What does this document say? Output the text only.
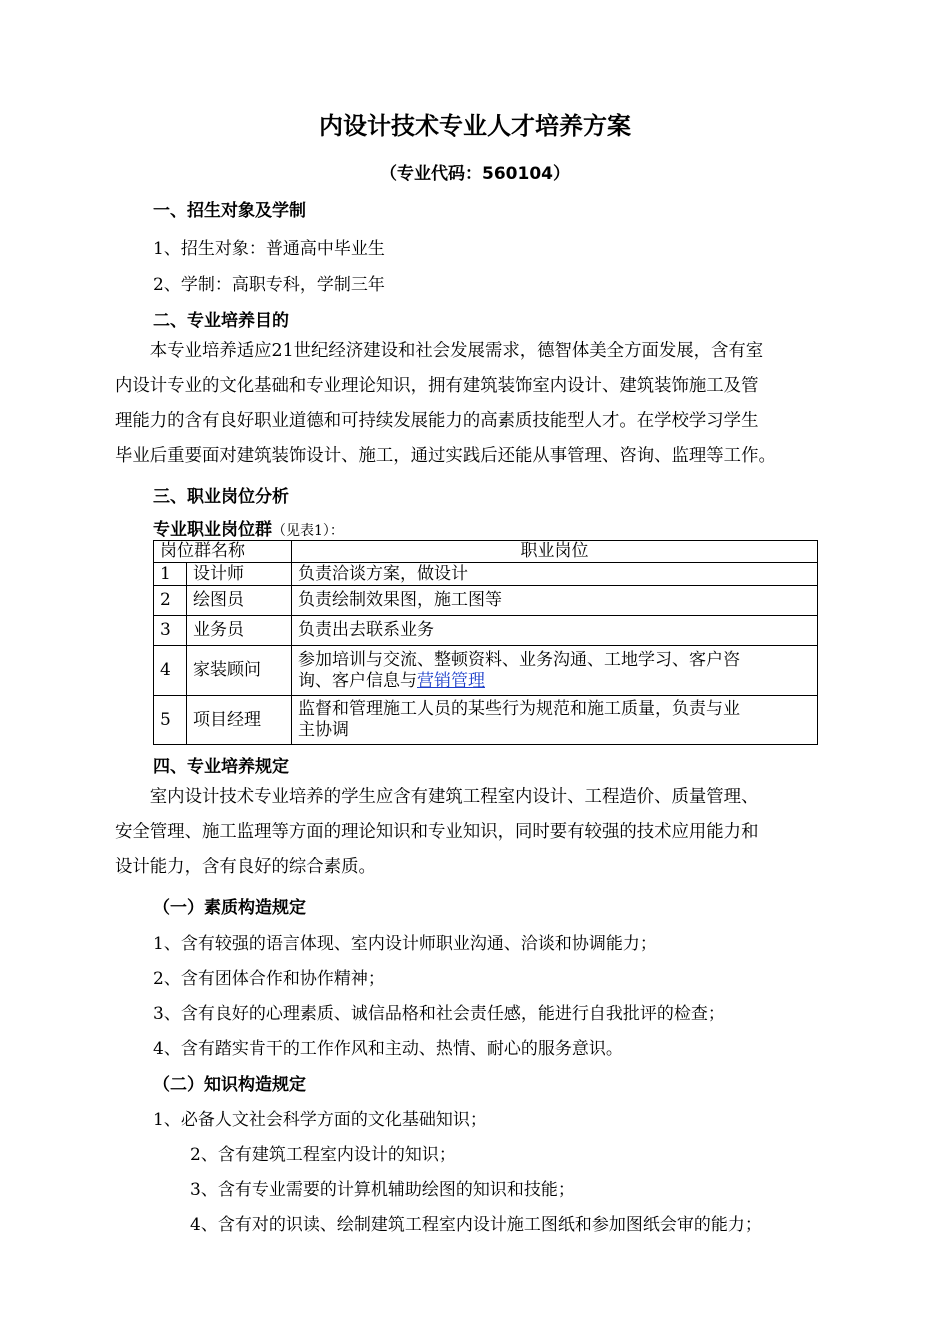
内设计技术专业人才培养方案
（专业代码：560104）
一、招生对象及学制
1、招生对象：普通高中毕业生
2、学制：高职专科，学制三年
二、专业培养目的
　　本专业培养适应21世纪经济建设和社会发展需求，德智体美全方面发展，含有室
内设计专业的文化基础和专业理论知识，拥有建筑装饰室内设计、建筑装饰施工及管
理能力的含有良好职业道德和可持续发展能力的高素质技能型人才。在学校学习学生
毕业后重要面对建筑装饰设计、施工，通过实践后还能从事管理、咨询、监理等工作。
三、职业岗位分析
专业职业岗位群（见表1）：
岗位群名称		职业岗位
1	设计师	负责洽谈方案，做设计
2	绘图员	负责绘制效果图，施工图等
3	业务员	负责出去联系业务
4	家装顾问	参加培训与交流、整顿资料、业务沟通、工地学习、客户咨
询、客户信息与营销管理
5	项目经理	监督和管理施工人员的某些行为规范和施工质量，负责与业
主协调
四、专业培养规定
　　室内设计技术专业培养的学生应含有建筑工程室内设计、工程造价、质量管理、
安全管理、施工监理等方面的理论知识和专业知识，同时要有较强的技术应用能力和
设计能力，含有良好的综合素质。
（一）素质构造规定
1、含有较强的语言体现、室内设计师职业沟通、洽谈和协调能力；
2、含有团体合作和协作精神；
3、含有良好的心理素质、诚信品格和社会责任感，能进行自我批评的检查；
4、含有踏实肯干的工作作风和主动、热情、耐心的服务意识。
（二）知识构造规定
1、必备人文社会科学方面的文化基础知识；
2、含有建筑工程室内设计的知识；
3、含有专业需要的计算机辅助绘图的知识和技能；
4、含有对的识读、绘制建筑工程室内设计施工图纸和参加图纸会审的能力；
